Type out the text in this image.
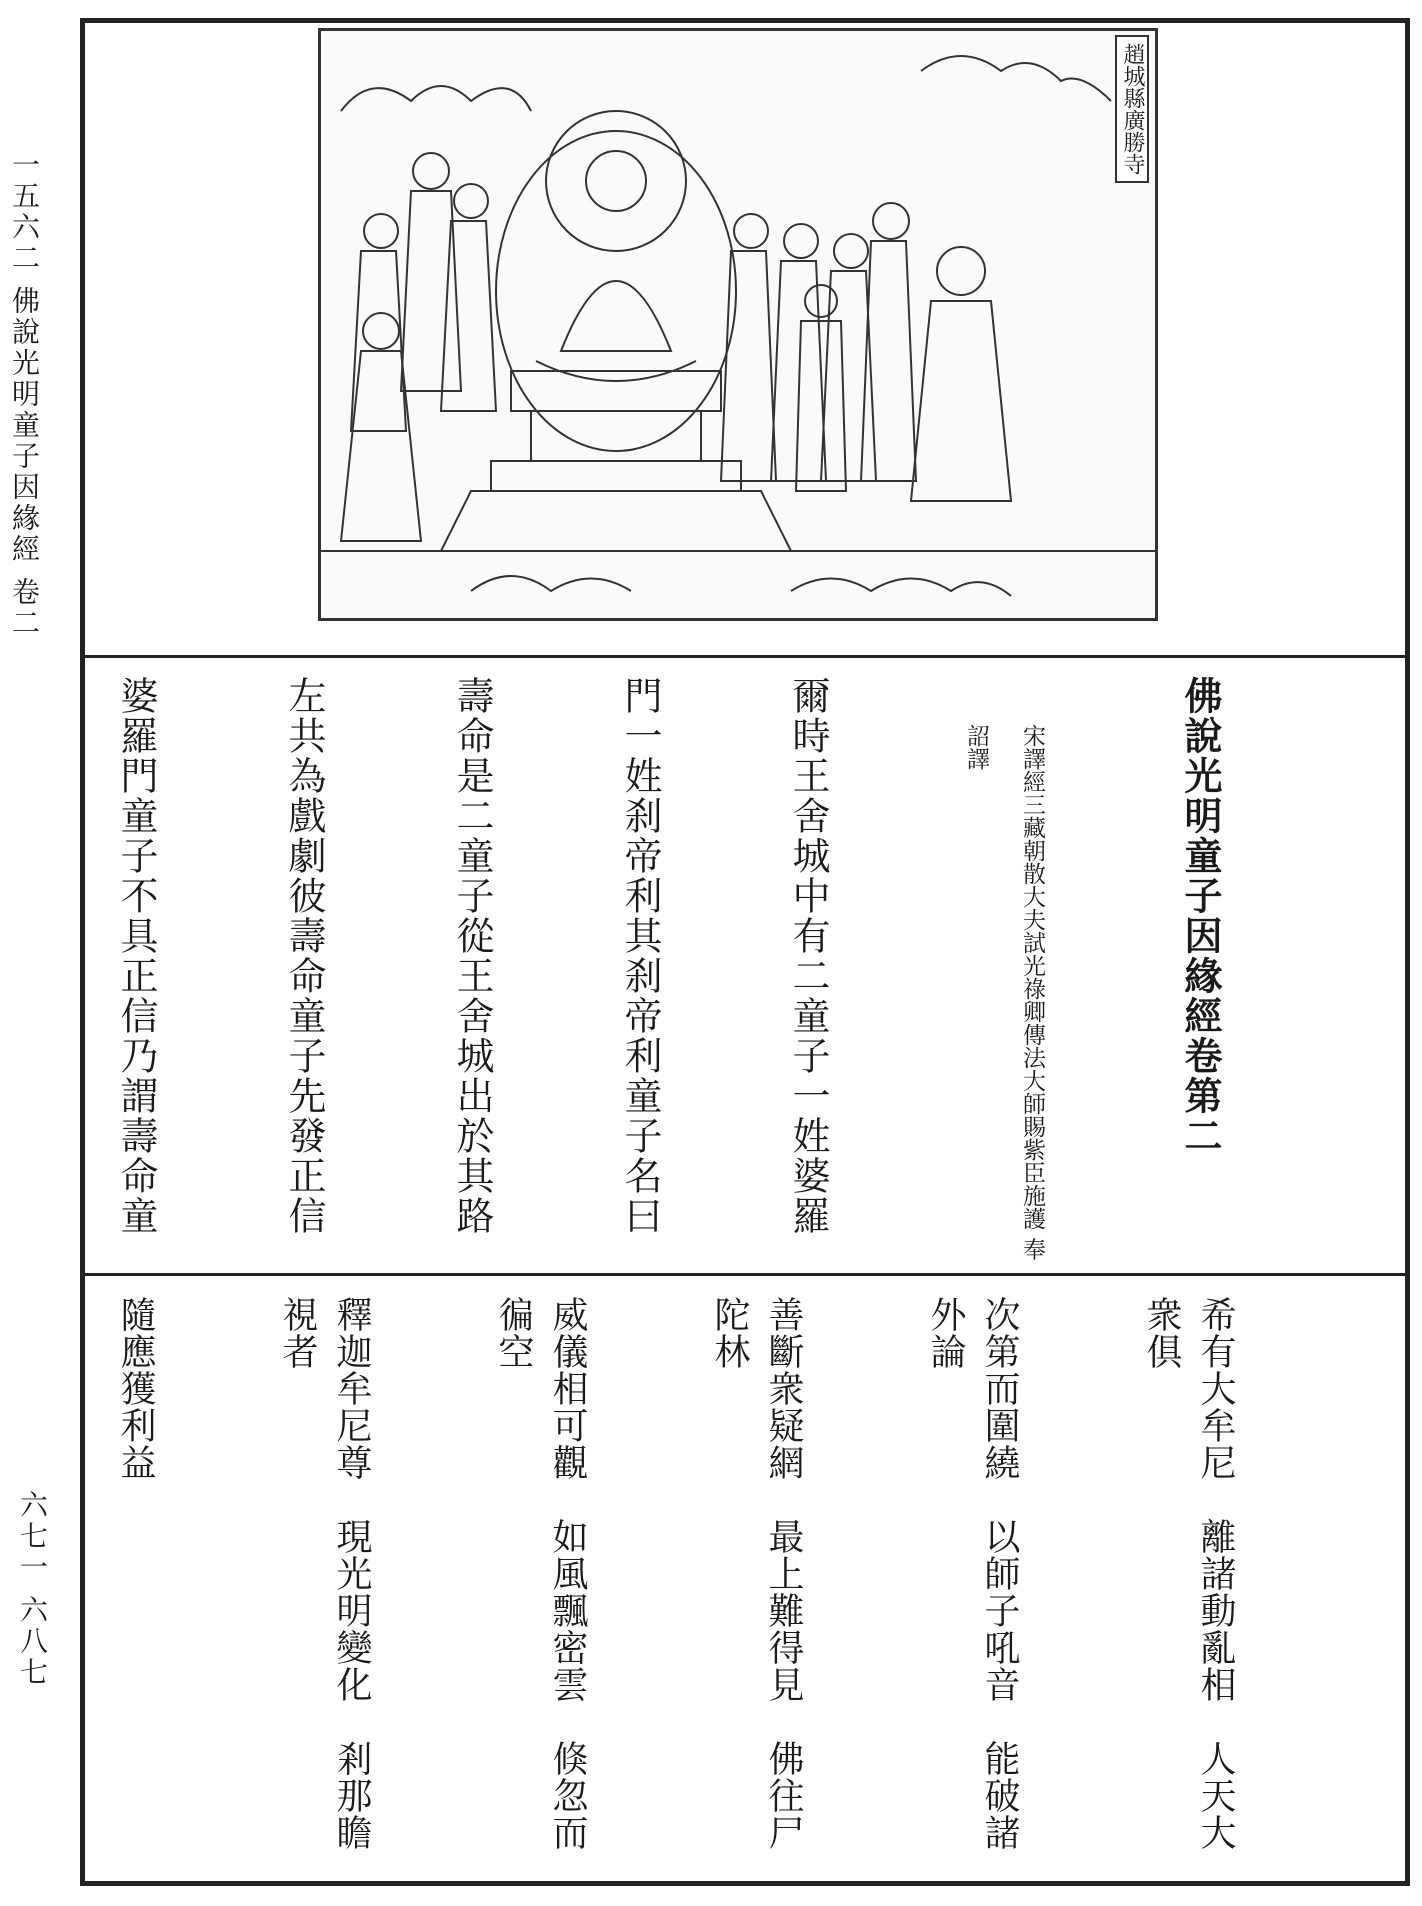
一五六二 佛說光明童子因緣經 卷二
六七一 六八七
趙城縣廣勝寺

佛說光明童子因緣經卷第二

宋譯經三藏朝散大夫試光祿卿傳法大師賜紫臣施護 奉 詔譯

爾時王舍城中有二童子一姓婆羅

門一姓刹帝利其刹帝利童子名曰

壽命是二童子從王舍城出於其路

左共為戲劇彼壽命童子先發正信

婆羅門童子不具正信乃謂壽命童

希有大牟尼　離諸動亂相　人天大衆俱

次第而圍繞　以師子吼音　能破諸外論

善斷衆疑網　最上難得見　佛往尸陀林

威儀相可觀　如風飄密雲　倏忽而徧空

釋迦牟尼尊　現光明變化　剎那瞻視者

隨應獲利益
